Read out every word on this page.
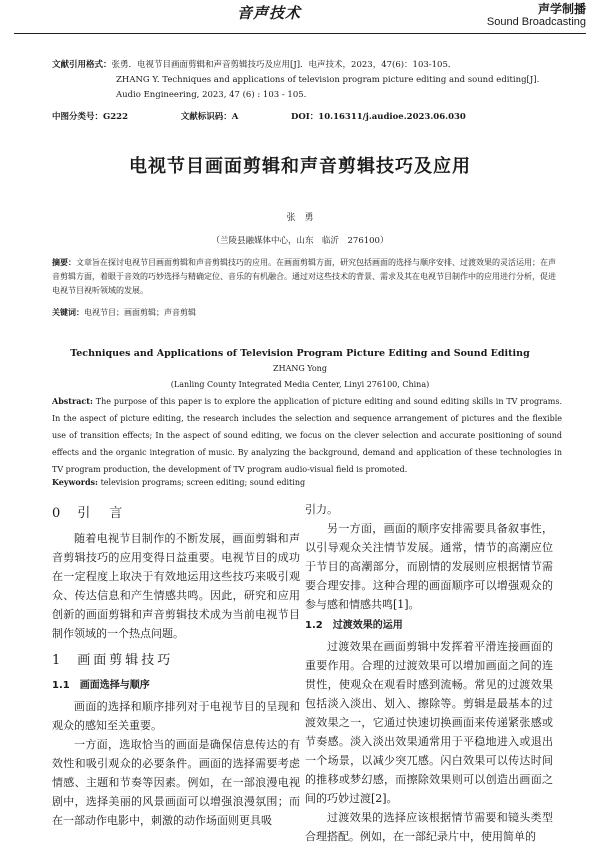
音声技术	声学制播
Sound Broadcasting
文献引用格式：张勇．电视节目画面剪辑和声音剪辑技巧及应用[J]．电声技术，2023，47(6)：103-105．
ZHANG Y. Techniques and applications of television program picture editing and sound editing[J]. Audio Engineering, 2023, 47 (6) : 103 - 105.
中图分类号：G222	文献标识码：A	DOI：10.16311/j.audioe.2023.06.030
电视节目画面剪辑和声音剪辑技巧及应用
张　勇
（兰陵县融媒体中心，山东　临沂　276100）
摘要：文章旨在探讨电视节目画面剪辑和声音剪辑技巧的应用。在画面剪辑方面，研究包括画面的选择与顺序安排、过渡效果的灵活运用；在声音剪辑方面，着眼于音效的巧妙选择与精确定位、音乐的有机融合。通过对这些技术的背景、需求及其在电视节目制作中的应用进行分析，促进电视节目视听领域的发展。
关键词：电视节目；画面剪辑；声音剪辑
Techniques and Applications of Television Program Picture Editing and Sound Editing
ZHANG Yong
(Lanling County Integrated Media Center, Linyi 276100, China)
Abstract: The purpose of this paper is to explore the application of picture editing and sound editing skills in TV programs. In the aspect of picture editing, the research includes the selection and sequence arrangement of pictures and the flexible use of transition effects; In the aspect of sound editing, we focus on the clever selection and accurate positioning of sound effects and the organic integration of music. By analyzing the background, demand and application of these technologies in TV program production, the development of TV program audio-visual field is promoted.
Keywords: television programs; screen editing; sound editing
0 引　言

随着电视节目制作的不断发展，画面剪辑和声音剪辑技巧的应用变得日益重要。电视节目的成功在一定程度上取决于有效地运用这些技巧来吸引观众、传达信息和产生情感共鸣。因此，研究和应用创新的画面剪辑和声音剪辑技术成为当前电视节目制作领域的一个热点问题。

1 画面剪辑技巧
1.1　画面选择与顺序

画面的选择和顺序排列对于电视节目的呈现和观众的感知至关重要。

一方面，选取恰当的画面是确保信息传达的有效性和吸引观众的必要条件。画面的选择需要考虑情感、主题和节奏等因素。例如，在一部浪漫电视剧中，选择美丽的风景画面可以增强浪漫氛围；而在一部动作电影中，刺激的动作场面则更具吸

引力。

另一方面，画面的顺序安排需要具备叙事性，以引导观众关注情节发展。通常，情节的高潮应位于节目的高潮部分，而剧情的发展则应根据情节需要合理安排。这种合理的画面顺序可以增强观众的参与感和情感共鸣[1]。

1.2　过渡效果的运用

过渡效果在画面剪辑中发挥着平滑连接画面的重要作用。合理的过渡效果可以增加画面之间的连贯性，使观众在观看时感到流畅。常见的过渡效果包括淡入淡出、划入、擦除等。剪辑是最基本的过渡效果之一，它通过快速切换画面来传递紧张感或节奏感。淡入淡出效果通常用于平稳地进入或退出一个场景，以减少突兀感。闪白效果可以传达时间的推移或梦幻感，而擦除效果则可以创造出画面之间的巧妙过渡[2]。

过渡效果的选择应该根据情节需要和镜头类型合理搭配。例如，在一部纪录片中，使用简单的
